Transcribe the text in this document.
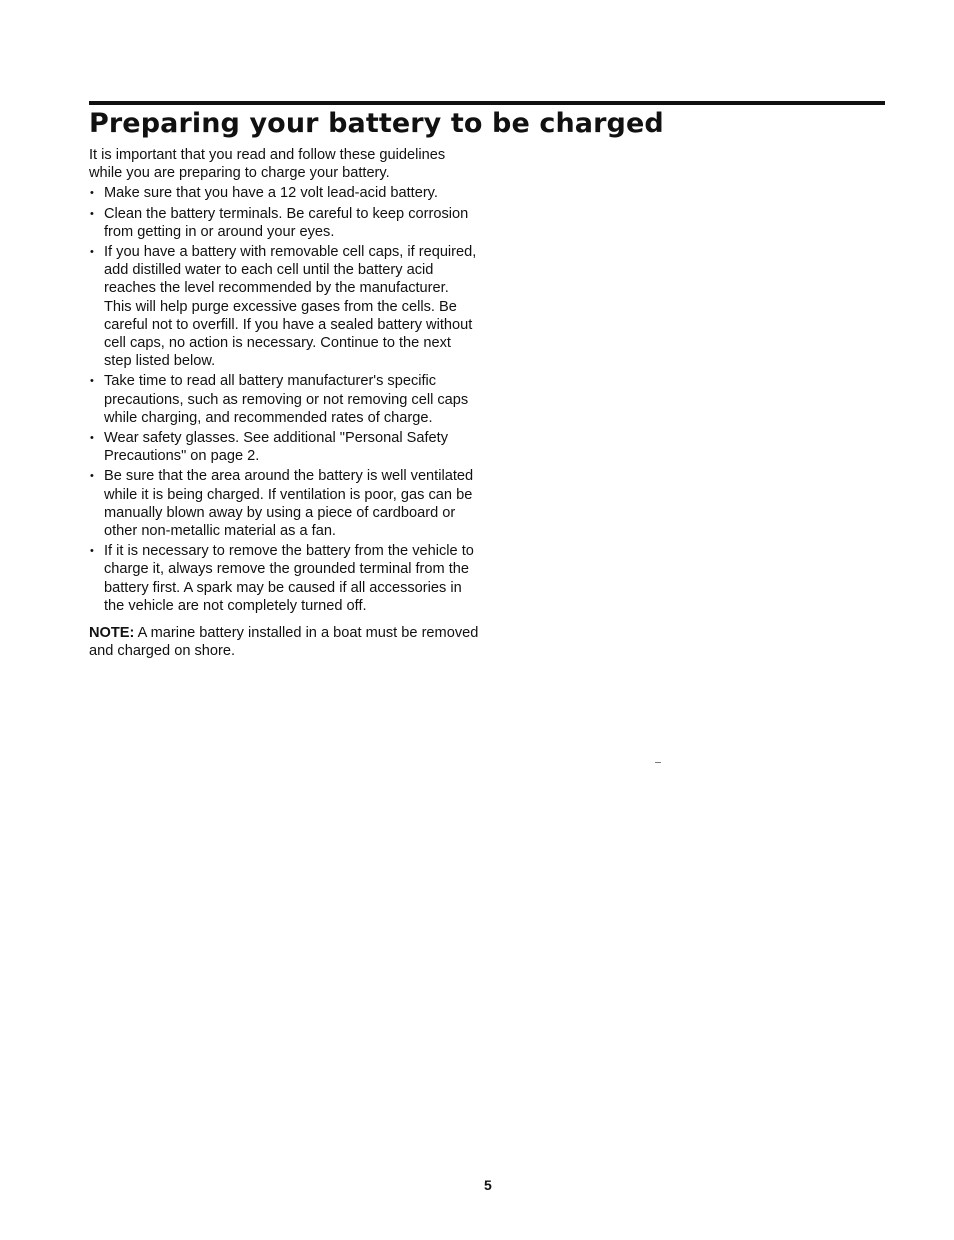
Preparing your battery to be charged

It is important that you read and follow these guidelines while you are preparing to charge your battery.

• Make sure that you have a 12 volt lead-acid battery.
• Clean the battery terminals. Be careful to keep corrosion from getting in or around your eyes.
• If you have a battery with removable cell caps, if required, add distilled water to each cell until the battery acid reaches the level recommended by the manufacturer. This will help purge excessive gases from the cells. Be careful not to overfill. If you have a sealed battery without cell caps, no action is necessary. Continue to the next step listed below.
• Take time to read all battery manufacturer's specific precautions, such as removing or not removing cell caps while charging, and recommended rates of charge.
• Wear safety glasses. See additional "Personal Safety Precautions" on page 2.
• Be sure that the area around the battery is well ventilated while it is being charged. If ventilation is poor, gas can be manually blown away by using a piece of cardboard or other non-metallic material as a fan.
• If it is necessary to remove the battery from the vehicle to charge it, always remove the grounded terminal from the battery first. A spark may be caused if all accessories in the vehicle are not completely turned off.

NOTE: A marine battery installed in a boat must be removed and charged on shore.

5
